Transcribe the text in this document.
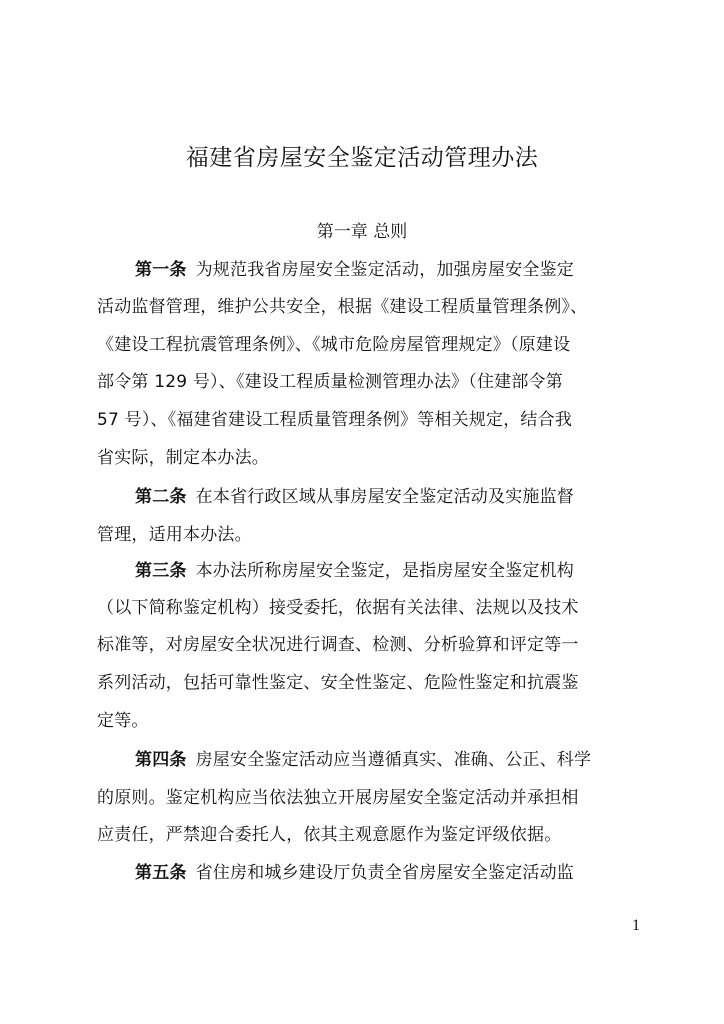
福建省房屋安全鉴定活动管理办法
第一章 总则
第一条 为规范我省房屋安全鉴定活动，加强房屋安全鉴定
活动监督管理，维护公共安全，根据《建设工程质量管理条例》、
《建设工程抗震管理条例》、《城市危险房屋管理规定》（原建设
部令第 129 号）、《建设工程质量检测管理办法》（住建部令第
57 号）、《福建省建设工程质量管理条例》等相关规定，结合我
省实际，制定本办法。
第二条 在本省行政区域从事房屋安全鉴定活动及实施监督
管理，适用本办法。
第三条 本办法所称房屋安全鉴定，是指房屋安全鉴定机构
（以下简称鉴定机构）接受委托，依据有关法律、法规以及技术
标准等，对房屋安全状况进行调查、检测、分析验算和评定等一
系列活动，包括可靠性鉴定、安全性鉴定、危险性鉴定和抗震鉴
定等。
第四条 房屋安全鉴定活动应当遵循真实、准确、公正、科学
的原则。鉴定机构应当依法独立开展房屋安全鉴定活动并承担相
应责任，严禁迎合委托人，依其主观意愿作为鉴定评级依据。
第五条 省住房和城乡建设厅负责全省房屋安全鉴定活动监
1
